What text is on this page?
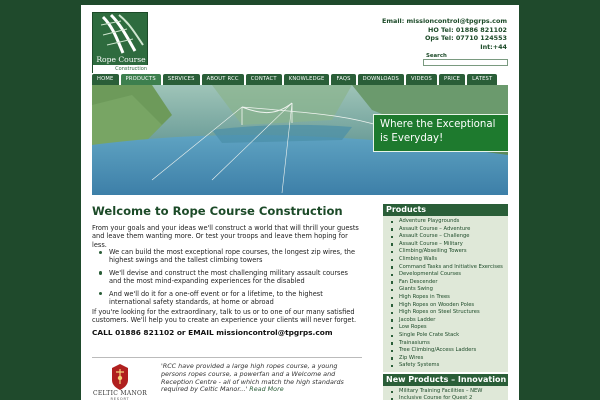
Rope Course
Construction
Email: missioncontrol@tpgrps.com
HO Tel: 01886 821102
Ops Tel: 07710 124553
Int:+44
Search
HOME	PRODUCTS	SERVICES	ABOUT RCC	CONTACT	KNOWLEDGE	FAQS	DOWNLOADS	VIDEOS	PRICE	LATEST
Where the Exceptional is Everyday!
Welcome to Rope Course Construction

From your goals and your ideas we'll construct a world that will thrill your guests and leave them wanting more. Or test your troops and leave them hoping for less.

We can build the most exceptional rope courses, the longest zip wires, the highest swings and the tallest climbing towers
We'll devise and construct the most challenging military assault courses and the most mind-expanding experiences for the disabled
And we'll do it for a one-off event or for a lifetime, to the highest international safety standards, at home or abroad

If you're looking for the extraordinary, talk to us or to one of our many satisfied customers. We'll help you to create an experience your clients will never forget.

CALL 01886 821102 or EMAIL missioncontrol@tpgrps.com
CELTIC MANOR
RESORT
'RCC have provided a large high ropes course, a young persons ropes course, a powerfan and a Welcome and Reception Centre - all of which match the high standards required by Celtic Manor...' Read More
Products
Adventure Playgrounds
Assault Course – Adventure
Assault Course – Challenge
Assault Course – Military
Climbing/Abseiling Towers
Climbing Walls
Command Tasks and Initiative Exercises
Developmental Courses
Fan Descender
Giants Swing
High Ropes in Trees
High Ropes on Wooden Poles
High Ropes on Steel Structures
Jacobs Ladder
Low Ropes
Single Pole Crate Stack
Trainasiums
Tree Climbing/Access Ladders
Zip Wires
Safety Systems
New Products – Innovation
Military Training Facilities – NEW
Inclusive Course for Quest 2
